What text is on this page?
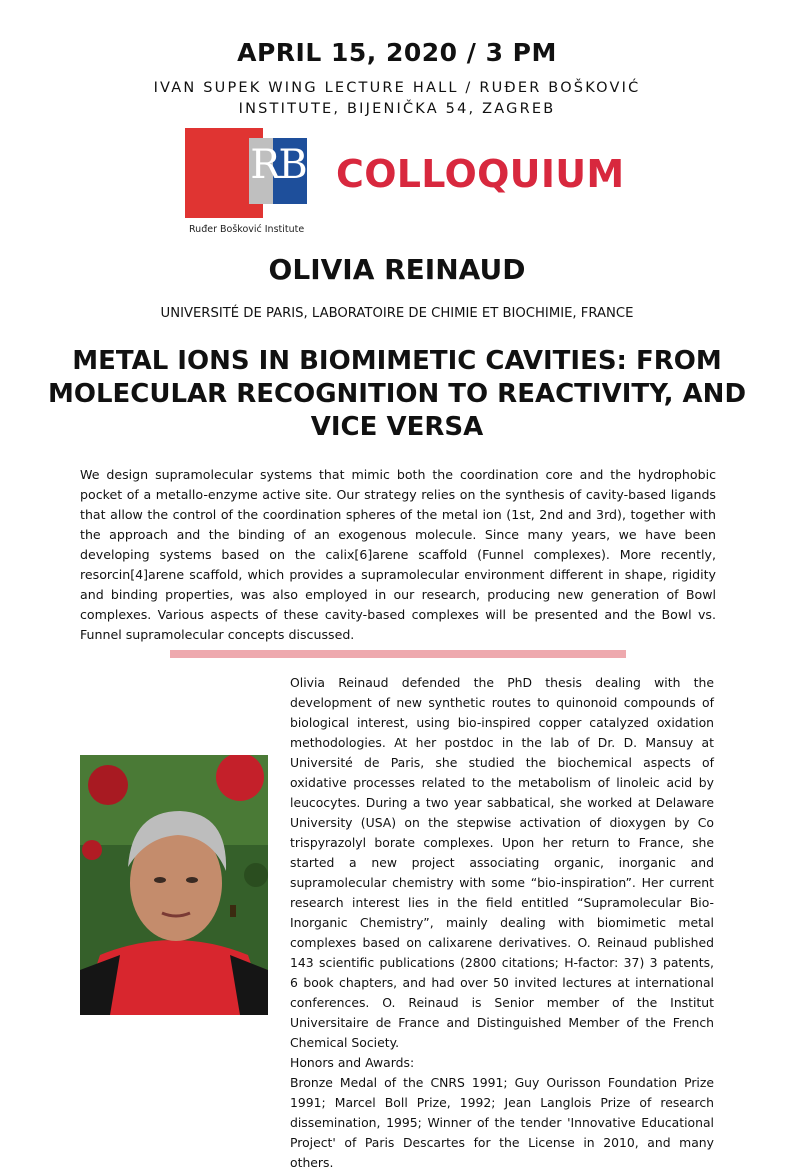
APRIL 15, 2020 / 3 PM
IVAN SUPEK WING LECTURE HALL / RUĐER BOŠKOVIĆ
INSTITUTE, BIJENIČKA 54, ZAGREB
RB
Ruđer Bošković Institute
COLLOQUIUM
OLIVIA REINAUD
UNIVERSITÉ DE PARIS, LABORATOIRE DE CHIMIE ET BIOCHIMIE, FRANCE
METAL IONS IN BIOMIMETIC CAVITIES: FROM MOLECULAR RECOGNITION TO REACTIVITY, AND VICE VERSA

We design supramolecular systems that mimic both the coordination core and the hydrophobic pocket of a metallo-enzyme active site. Our strategy relies on the synthesis of cavity-based ligands that allow the control of the coordination spheres of the metal ion (1st, 2nd and 3rd), together with the approach and the binding of an exogenous molecule. Since many years, we have been developing systems based on the calix[6]arene scaffold (Funnel complexes). More recently, resorcin[4]arene scaffold, which provides a supramolecular environment different in shape, rigidity and binding properties, was also employed in our research, producing new generation of Bowl complexes. Various aspects of these cavity-based complexes will be presented and the Bowl vs. Funnel supramolecular concepts discussed.

Olivia Reinaud defended the PhD thesis dealing with the development of new synthetic routes to quinonoid compounds of biological interest, using bio-inspired copper catalyzed oxidation methodologies. At her postdoc in the lab of Dr. D. Mansuy at Université de Paris, she studied the biochemical aspects of oxidative processes related to the metabolism of linoleic acid by leucocytes. During a two year sabbatical, she worked at Delaware University (USA) on the stepwise activation of dioxygen by Co trispyrazolyl borate complexes. Upon her return to France, she started a new project associating organic, inorganic and supramolecular chemistry with some “bio-inspiration”. Her current research interest lies in the field entitled “Supramolecular Bio-Inorganic Chemistry”, mainly dealing with biomimetic metal complexes based on calixarene derivatives. O. Reinaud published 143 scientific publications (2800 citations; H-factor: 37) 3 patents, 6 book chapters, and had over 50 invited lectures at international conferences. O. Reinaud is Senior member of the Institut Universitaire de France and Distinguished Member of the French Chemical Society.

Honors and Awards:

Bronze Medal of the CNRS 1991; Guy Ourisson Foundation Prize 1991; Marcel Boll Prize, 1992; Jean Langlois Prize of research dissemination, 1995; Winner of the tender 'Innovative Educational Project' of Paris Descartes for the License in 2010, and many others.
